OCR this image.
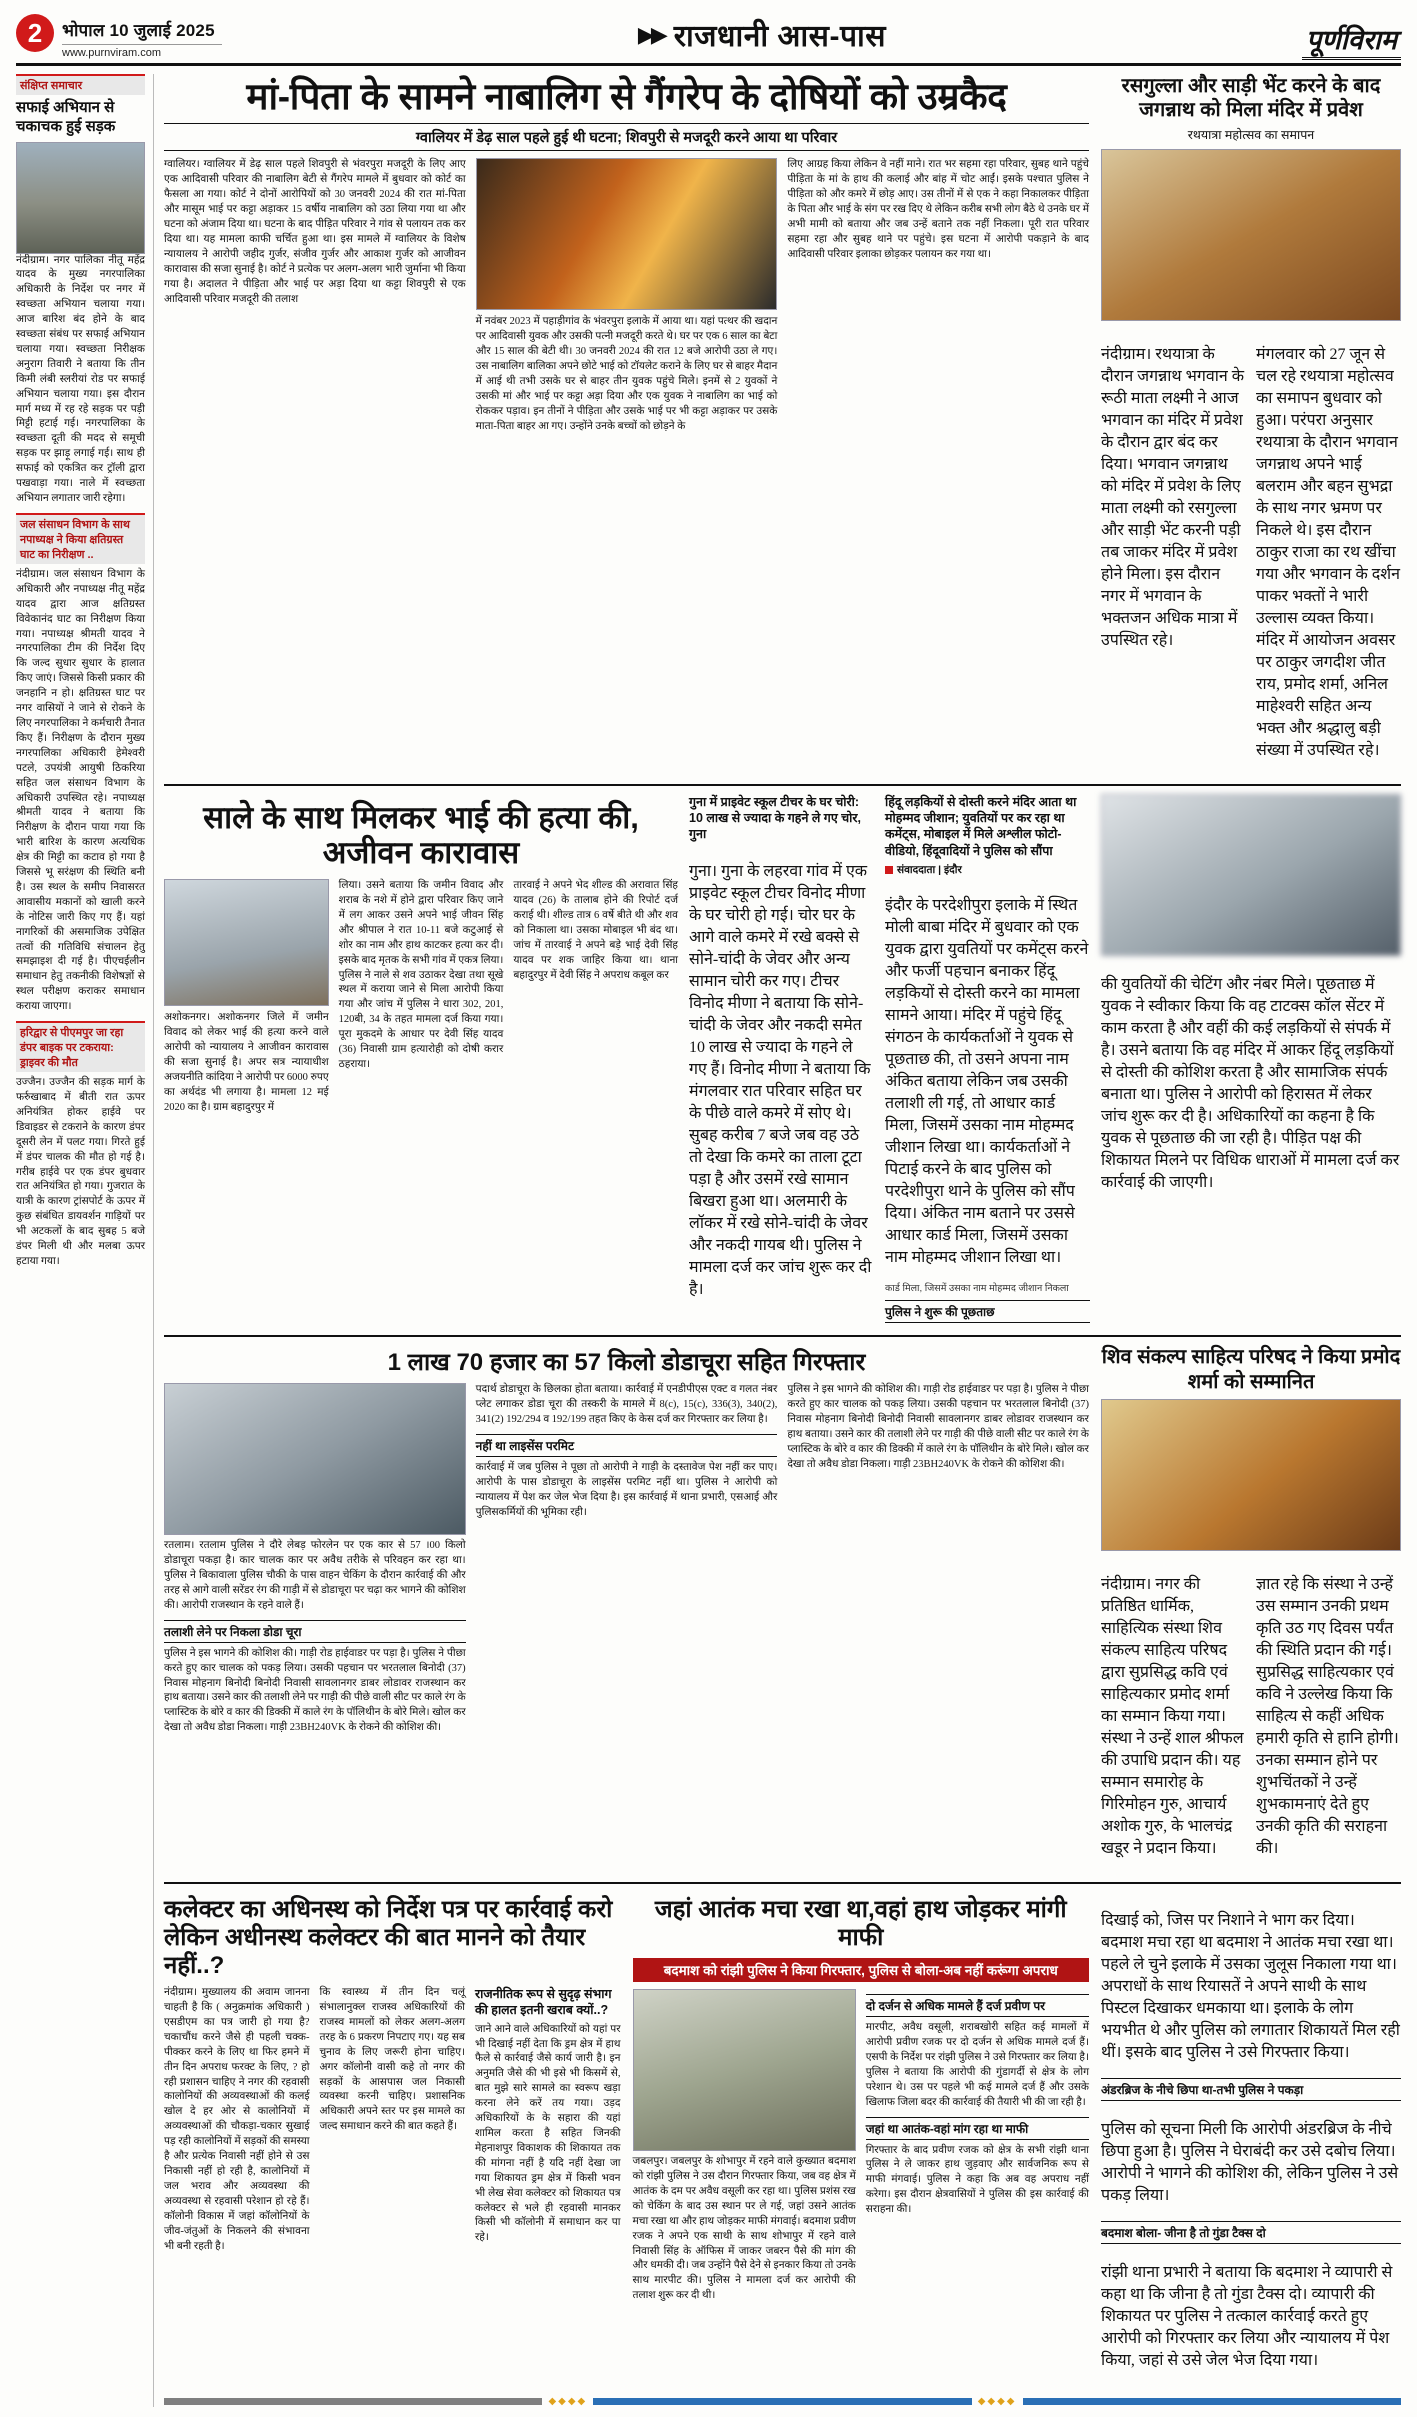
2	भोपाल 10 जुलाई 2025
www.purnviram.com
▶▶ राजधानी आस-पास	पूर्णविराम
संक्षिप्त समाचार
सफाई अभियान से चकाचक हुई सड़क

नंदीग्राम। नगर पालिका नीतू महेंद्र यादव के मुख्य नगरपालिका अधिकारी के निर्देश पर नगर में स्वच्छता अभियान चलाया गया। आज बारिश बंद होने के बाद स्वच्छता संबंध पर सफाई अभियान चलाया गया। स्वच्छता निरीक्षक अनुराग तिवारी ने बताया कि तीन किमी लंबी स्लरीयां रोड पर सफाई अभियान चलाया गया। इस दौरान मार्ग मध्य में रह रहे सड़क पर पड़ी मिट्टी हटाई गई। नगरपालिका के स्वच्छता दूती की मदद से समूची सड़क पर झाड़ू लगाई गई। साथ ही सफाई को एकत्रित कर ट्रॉली द्वारा पखवाड़ा गया। नाले में स्वच्छता अभियान लगातार जारी रहेगा।

जल संसाधन विभाग के साथ नपाध्यक्ष ने किया क्षतिग्रस्त घाट का निरीक्षण ..

नंदीग्राम। जल संसाधन विभाग के अधिकारी और नपाध्यक्ष नीतू महेंद्र यादव द्वारा आज क्षतिग्रस्त विवेकानंद घाट का निरीक्षण किया गया। नपाध्यक्ष श्रीमती यादव ने नगरपालिका टीम की निर्देश दिए कि जल्द सुधार सुधार के हालात किए जाएं। जिससे किसी प्रकार की जनहानि न हो। क्षतिग्रस्त घाट पर नगर वासियों ने जाने से रोकने के लिए नगरपालिका ने कर्मचारी तैनात किए हैं। निरीक्षण के दौरान मुख्य नगरपालिका अधिकारी हेमेश्वरी पटले, उपयंत्री आयुषी ठिकरिया सहित जल संसाधन विभाग के अधिकारी उपस्थित रहे। नपाध्यक्ष श्रीमती यादव ने बताया कि निरीक्षण के दौरान पाया गया कि भारी बारिश के कारण अत्यधिक क्षेत्र की मिट्टी का कटाव हो गया है जिससे भू सरंक्षण की स्थिति बनी है। उस स्थल के समीप निवासरत आवासीय मकानों को खाली करने के नोटिस जारी किए गए हैं। यहां नागरिकों की असमाजिक उपेक्षित तत्वों की गतिविधि संचालन हेतु समझाइश दी गई है। पीएचईलीन समाधान हेतु तकनीकी विशेषज्ञों से स्थल परीक्षण कराकर समाधान कराया जाएगा।

हरिद्वार से पीएमपुर जा रहा डंपर बाइक पर टकराया: ड्राइवर की मौत

उज्जैन। उज्जैन की सड़क मार्ग के फर्रुखाबाद में बीती रात ऊपर अनियंत्रित होकर हाईवे पर डिवाइडर से टकराने के कारण डंपर दूसरी लेन में पलट गया। गिरते हुई में डंपर चालक की मौत हो गई है। गरीब हाईवे पर एक डंपर बुधवार रात अनियंत्रित हो गया। गुजरात के यात्री के कारण ट्रांसपोर्ट के ऊपर में कुछ संबंधित डायवर्शन गाड़ियों पर भी अटकलों के बाद सुबह 5 बजे डंपर मिली थी और मलबा ऊपर हटाया गया।

मां-पिता के सामने नाबालिग से गैंगरेप के दोषियों को उम्रकैद
ग्वालियर में डेढ़ साल पहले हुई थी घटना; शिवपुरी से मजदूरी करने आया था परिवार

ग्वालियर। ग्वालियर में डेढ़ साल पहले शिवपुरी से भंवरपुरा मजदूरी के लिए आए एक आदिवासी परिवार की नाबालिग बेटी से गैंगरेप मामले में बुधवार को कोर्ट का फैसला आ गया। कोर्ट ने दोनों आरोपियों को 30 जनवरी 2024 की रात मां-पिता और मासूम भाई पर कट्टा अड़ाकर 15 वर्षीय नाबालिग को उठा लिया गया था और घटना को अंजाम दिया था। घटना के बाद पीड़ित परिवार ने गांव से पलायन तक कर दिया था। यह मामला काफी चर्चित हुआ था। इस मामले में ग्वालियर के विशेष न्यायालय ने आरोपी जहीद गुर्जर, संजीव गुर्जर और आकाश गुर्जर को आजीवन कारावास की सजा सुनाई है। कोर्ट ने प्रत्येक पर अलग-अलग भारी जुर्माना भी किया गया है। अदालत ने पीड़िता और भाई पर अड़ा दिया था कट्टा शिवपुरी से एक आदिवासी परिवार मजदूरी की तलाश

में नवंबर 2023 में पहाड़ीगांव के भंवरपुरा इलाके में आया था। यहां पत्थर की खदान पर आदिवासी युवक और उसकी पत्नी मजदूरी करते थे। घर पर एक 6 साल का बेटा और 15 साल की बेटी थी। 30 जनवरी 2024 की रात 12 बजे आरोपी उठा ले गए। उस नाबालिग बालिका अपने छोटे भाई को टॉयलेट कराने के लिए घर से बाहर मैदान में आई थी तभी उसके घर से बाहर तीन युवक पहुंचे मिलेे। इनमें से 2 युवकों ने उसकी मां और भाई पर कट्टा अड़ा दिया और एक युवक ने नाबालिग का भाई को रोककर पड़ाव। इन तीनों ने पीड़िता और उसके भाई पर भी कट्टा अड़ाकर पर उसके माता-पिता बाहर आ गए। उन्होंने उनके बच्चों को छोड़ने के

लिए आग्रह किया लेकिन वे नहीं माने। रात भर सहमा रहा परिवार, सुबह थाने पहुंचे पीड़िता के मां के हाथ की कलाई और बांह में चोट आईं। इसके पश्चात पुलिस ने पीड़िता को और कमरे में छोड़ आए। उस तीनों में से एक ने कहा निकालकर पीड़िता के पिता और भाई के संग पर रख दिए थे लेकिन करीब सभी लोग बैठे थे उनके घर में अभी मामी को बताया और जब उन्हें बताने तक नहीं निकला। पूरी रात परिवार सहमा रहा और सुबह थाने पर पहुंचे। इस घटना में आरोपी पकड़ाने के बाद आदिवासी परिवार इलाका छोड़कर पलायन कर गया था।

रसगुल्ला और साड़ी भेंट करने के बाद जगन्नाथ को मिला मंदिर में प्रवेश
रथयात्रा महोत्सव का समापन

नंदीग्राम। रथयात्रा के दौरान जगन्नाथ भगवान के रूठी माता लक्ष्मी ने आज भगवान का मंदिर में प्रवेश के दौरान द्वार बंद कर दिया। भगवान जगन्नाथ को मंदिर में प्रवेश के लिए माता लक्ष्मी को रसगुल्ला और साड़ी भेंट करनी पड़ी तब जाकर मंदिर में प्रवेश होने मिला। इस दौरान नगर में भगवान के भक्तजन अधिक मात्रा में उपस्थित रहे।

मंगलवार को 27 जून से चल रहे रथयात्रा महोत्सव का समापन बुधवार को हुआ। परंपरा अनुसार रथयात्रा के दौरान भगवान जगन्नाथ अपने भाई बलराम और बहन सुभद्रा के साथ नगर भ्रमण पर निकले थे। इस दौरान ठाकुर राजा का रथ खींचा गया और भगवान के दर्शन पाकर भक्तों ने भारी उल्लास व्यक्त किया। मंदिर में आयोजन अवसर पर ठाकुर जगदीश जीत राय, प्रमोद शर्मा, अनिल माहेश्वरी सहित अन्य भक्त और श्रद्धालु बड़ी संख्या में उपस्थित रहे।

साले के साथ मिलकर भाई की हत्या की, अजीवन कारावास

अशोकनगर। अशोकनगर जिले में जमीन विवाद को लेकर भाई की हत्या करने वाले आरोपी को न्यायालय ने आजीवन कारावास की सजा सुनाई है। अपर सत्र न्यायाधीश अजयनीति कांदिया ने आरोपी पर 6000 रुपए का अर्थदंड भी लगाया है। मामला 12 मई 2020 का है। ग्राम बहादुरपुर में

लिया। उसने बताया कि जमीन विवाद और शराब के नशे में होने द्वारा परिवार किए जाने में लग आकर उसने अपने भाई जीवन सिंह और श्रीपाल ने रात 10-11 बजे कटुआई से शोर का नाम और हाथ काटकर हत्या कर दी। इसके बाद मृतक के सभी गांव में एकत्र लिया। पुलिस ने नाले से शव उठाकर देखा तथा सूखे स्थल में कराया जाने से मिला आरोपी किया गया और जांच में पुलिस ने धारा 302, 201, 120बी, 34 के तहत मामला दर्ज किया गया। पूरा मुकदमे के आधार पर देवी सिंह यादव (36) निवासी ग्राम हत्यारोही को दोषी करार ठहराया।

तारवाई ने अपने भेद शील्ड की अरावात सिंह यादव (26) के तालाब होने की रिपोर्ट दर्ज कराई थी। शील्ड तात्र 6 वर्षे बीते थी और शव को निकाला था। उसका मोबाइल भी बंद था। जांच में तारवाई ने अपने बड़े भाई देवी सिंह यादव पर शक जाहिर किया था। थाना बहादुरपुर में देवी सिंह ने अपराध कबूल कर

गुना में प्राइवेट स्कूल टीचर के घर चोरी: 10 लाख से ज्यादा के गहने ले गए चोर, गुना

गुना। गुना के लहरवा गांव में एक प्राइवेट स्कूल टीचर विनोद मीणा के घर चोरी हो गई। चोर घर के आगे वाले कमरे में रखे बक्से से सोने-चांदी के जेवर और अन्य सामान चोरी कर गए। टीचर विनोद मीणा ने बताया कि सोने-चांदी के जेवर और नकदी समेत 10 लाख से ज्यादा के गहने ले गए हैं। विनोद मीणा ने बताया कि मंगलवार रात परिवार सहित घर के पीछे वाले कमरे में सोए थे। सुबह करीब 7 बजे जब वह उठे तो देखा कि कमरे का ताला टूटा पड़ा है और उसमें रखे सामान बिखरा हुआ था। अलमारी के लॉकर में रखे सोने-चांदी के जेवर और नकदी गायब थी। पुलिस ने मामला दर्ज कर जांच शुरू कर दी है।

हिंदू लड़कियों से दोस्ती करने मंदिर आता था मोहम्मद जीशान; युवतियों पर कर रहा था कमेंट्स, मोबाइल में मिले अश्लील फोटो-वीडियो, हिंदूवादियों ने पुलिस को सौंपा
संवाददाता | इंदौर

इंदौर के परदेशीपुरा इलाके में स्थित मोली बाबा मंदिर में बुधवार को एक युवक द्वारा युवतियों पर कमेंट्स करने और फर्जी पहचान बनाकर हिंदू लड़कियों से दोस्ती करने का मामला सामने आया। मंदिर में पहुंचे हिंदू संगठन के कार्यकर्ताओं ने युवक से पूछताछ की, तो उसने अपना नाम अंकित बताया लेकिन जब उसकी तलाशी ली गई, तो आधार कार्ड मिला, जिसमें उसका नाम मोहम्मद जीशान लिखा था। कार्यकर्ताओं ने पिटाई करने के बाद पुलिस को परदेशीपुरा थाने के पुलिस को सौंप दिया। अंकित नाम बताने पर उससे आधार कार्ड मिला, जिसमें उसका नाम मोहम्मद जीशान लिखा था।

कार्ड मिला, जिसमें उसका नाम मोहम्मद जीशान निकला
पुलिस ने शुरू की पूछताछ

की युवतियों की चेटिंग और नंबर मिले। पूछताछ में युवक ने स्वीकार किया कि वह टाटक्स कॉल सेंटर में काम करता है और वहीं की कई लड़कियों से संपर्क में है। उसने बताया कि वह मंदिर में आकर हिंदू लड़कियों से दोस्ती की कोशिश करता है और सामाजिक संपर्क बनाता था। पुलिस ने आरोपी को हिरासत में लेकर जांच शुरू कर दी है। अधिकारियों का कहना है कि युवक से पूछताछ की जा रही है। पीड़ित पक्ष की शिकायत मिलने पर विधिक धाराओं में मामला दर्ज कर कार्रवाई की जाएगी।

1 लाख 70 हजार का 57 किलो डोडाचूरा सहित गिरफ्तार

रतलाम। रतलाम पुलिस ने दौरे लेबड़ फोरलेन पर एक कार से 57 ।00 किलो डोडाचूरा पकड़ा है। कार चालक कार पर अवैध तरीके से परिवहन कर रहा था। पुलिस ने बिकावाला पुलिस चौकी के पास वाहन चेकिंग के दौरान कार्रवाई की और तरह से आगे वाली सरेंडर रंग की गाड़ी में से डोडाचूरा पर चढ़ा कर भागने की कोशिश की। आरोपी राजस्थान के रहने वाले हैं।

तलाशी लेने पर निकला डोडा चूरा

पुलिस ने इस भागने की कोशिश की। गाड़ी रोड हाईवाडर पर पड़ा है। पुलिस ने पीछा करते हुए कार चालक को पकड़ लिया। उसकी पहचान पर भरतलाल बिनोदी (37) निवास मोहनाग बिनोदी बिनोदी निवासी सावलानगर डाबर लोडावर राजस्थान कर हाथ बताया। उसने कार की तलाशी लेने पर गाड़ी की पीछे वाली सीट पर काले रंग के प्लास्टिक के बोरे व कार की डिक्की में काले रंग के पॉलिथीन के बोरे मिले। खोल कर देखा तो अवैध डोडा निकला। गाड़ी 23BH240VK के रोकने की कोशिश की।

पदार्थ डोडाचूरा के छिलका होता बताया। कार्रवाई में एनडीपीएस एक्ट व गलत नंबर प्लेट लगाकर डोडा चूरा की तस्करी के मामले में 8(c), 15(c), 336(3), 340(2), 341(2) 192/294 व 192/199 तहत किए के केस दर्ज कर गिरफ्तार कर लिया है।

नहीं था लाइसेंस परमिट

कार्रवाई में जब पुलिस ने पूछा तो आरोपी ने गाड़ी के दस्तावेज पेश नहीं कर पाए। आरोपी के पास डोडाचूरा के लाइसेंस परमिट नहीं था। पुलिस ने आरोपी को न्यायालय में पेश कर जेल भेज दिया है। इस कार्रवाई में थाना प्रभारी, एसआई और पुलिसकर्मियों की भूमिका रही।

पुलिस ने इस भागने की कोशिश की। गाड़ी रोड हाईवाडर पर पड़ा है। पुलिस ने पीछा करते हुए कार चालक को पकड़ लिया। उसकी पहचान पर भरतलाल बिनोदी (37) निवास मोहनाग बिनोदी बिनोदी निवासी सावलानगर डाबर लोडावर राजस्थान कर हाथ बताया। उसने कार की तलाशी लेने पर गाड़ी की पीछे वाली सीट पर काले रंग के प्लास्टिक के बोरे व कार की डिक्की में काले रंग के पॉलिथीन के बोरे मिले। खोल कर देखा तो अवैध डोडा निकला। गाड़ी 23BH240VK के रोकने की कोशिश की।

शिव संकल्प साहित्य परिषद ने किया प्रमोद शर्मा को सम्मानित

नंदीग्राम। नगर की प्रतिष्ठित धार्मिक, साहित्यिक संस्था शिव संकल्प साहित्य परिषद द्वारा सुप्रसिद्ध कवि एवं साहित्यकार प्रमोद शर्मा का सम्मान किया गया। संस्था ने उन्हें शाल श्रीफल की उपाधि प्रदान की। यह सम्मान समारोह के गिरिमोहन गुरु, आचार्य अशोक गुरु, के भालचंद्र खडूर ने प्रदान किया।

ज्ञात रहे कि संस्था ने उन्हें उस सम्मान उनकी प्रथम कृति उठ गए दिवस पर्यंत की स्थिति प्रदान की गई। सुप्रसिद्ध साहित्यकार एवं कवि ने उल्लेख किया कि साहित्य से कहीं अधिक हमारी कृति से हानि होगी। उनका सम्मान होने पर शुभचिंतकों ने उन्हें शुभकामनाएं देते हुए उनकी कृति की सराहना की।

कलेक्टर का अधिनस्थ को निर्देश पत्र पर कार्रवाई करो लेकिन अधीनस्थ कलेक्टर की बात मानने को तैयार नहीं..?

नंदीग्राम। मुख्यालय की अवाम जानना चाहती है कि ( अनुक्रमांक अधिकारी ) एसडीएम का पत्र जारी हो गया है? चकाचौंध करने जैसे ही पहली चक्क-पीक्कर करने के लिए था फिर हमने में तीन दिन अपराध फरक्ट के लिए, ? हो रही प्रशासन चाहिए ने नगर की रहवासी कालोनियों की अव्यवस्थाओं की कलई खोल दे हर ओर से कालोनियों में अव्यवस्थाओं की चौकड़ा-चकार सुखाई पड़ रही कालोनियों में सड़कों की समस्या है और प्रत्येक निवासी नहीं होने से उस निकासी नहीं हो रही है, कालोनियों में जल भराव और अव्यवस्था की अव्यवस्था से रहवासी परेशान हो रहे हैं। कॉलोनी विकास में जहां कॉलोनियों के जीव-जंतुओं के निकलने की संभावना भी बनी रहती है।

कि स्वास्थ्य में तीन दिन चलूं संभालानुक्ल राजस्व अधिकारियों की राजस्व मामलों को लेकर अलग-अलग तरह के 6 प्रकरण निपटाए गए। यह सब चुनाव के लिए जरूरी होना चाहिए। अगर कॉलोनी वासी कहे तो नगर की सड़कों के आसपास जल निकासी व्यवस्था करनी चाहिए। प्रशासनिक अधिकारी अपने स्तर पर इस मामले का जल्द समाधान करने की बात कहते हैं।

राजनीतिक रूप से सुदृढ़ संभाग की हालत इतनी खराब क्यों..?

जाने आने वाले अधिकारियों को यहां पर भी दिखाई नहीं देता कि ड्रम क्षेत्र में हाथ फैले से कार्रवाई जैसे कार्य जारी है। इन अनुमति जैसे की भी इसे भी किसमें से, बात मुझे सारे सामले का स्वरूप खड़ा करना लेने करें तय गया। उड़द अधिकारियों के के सहारा की यहां शामिल करता है सहित जिनकी मेहनाशपुर विकाशक की शिकायत तक की मांगना नहीं है यदि नहीं देखा जा गया शिकायत ड्रम क्षेत्र में किसी भवन भी लेख सेवा कलेक्टर को शिकायत पत्र कलेक्टर से भले ही रहवासी मानकर किसी भी कॉलोनी में समाधान कर पा रहे।

जहां आतंक मचा रखा था,वहां हाथ जोड़कर मांगी माफी
बदमाश को रांझी पुलिस ने किया गिरफ्तार, पुलिस से बोला-अब नहीं करूंगा अपराध

जबलपुर। जबलपुर के शोभापुर में रहने वाले कुख्यात बदमाश को रांझी पुलिस ने उस दौरान गिरफ्तार किया, जब वह क्षेत्र में आतंक के दम पर अवैध वसूली कर रहा था। पुलिस प्रशंस रख को चेकिंग के बाद उस स्थान पर ले गई, जहां उसने आतंक मचा रखा था और हाथ जोड़कर माफी मंगवाई। बदमाश प्रवीण रजक ने अपने एक साथी के साथ शोभापुर में रहने वाले निवासी सिंह के ऑफिस में जाकर जबरन पैसे की मांग की और धमकी दी। जब उन्होंने पैसे देने से इनकार किया तो उनके साथ मारपीट की। पुलिस ने मामला दर्ज कर आरोपी की तलाश शुरू कर दी थी।

दो दर्जन से अधिक मामले हैं दर्ज प्रवीण पर

मारपीट, अवैध वसूली, शराबखोरी सहित कई मामलों में आरोपी प्रवीण रजक पर दो दर्जन से अधिक मामले दर्ज हैं। एसपी के निर्देश पर रांझी पुलिस ने उसे गिरफ्तार कर लिया है। पुलिस ने बताया कि आरोपी की गुंडागर्दी से क्षेत्र के लोग परेशान थे। उस पर पहले भी कई मामले दर्ज हैं और उसके खिलाफ जिला बदर की कार्रवाई की तैयारी भी की जा रही है।

जहां था आतंक-वहां मांग रहा था माफी

गिरफ्तार के बाद प्रवीण रजक को क्षेत्र के सभी रांझी थाना पुलिस ने ले जाकर हाथ जुड़वाए और सार्वजनिक रूप से माफी मंगवाई। पुलिस ने कहा कि अब वह अपराध नहीं करेगा। इस दौरान क्षेत्रवासियों ने पुलिस की इस कार्रवाई की सराहना की।

दिखाई को, जिस पर निशाने ने भाग कर दिया। बदमाश मचा रहा था बदमाश ने आतंक मचा रखा था। पहले ले चुने इलाके में उसका जुलूस निकाला गया था। अपराधों के साथ रियासतें ने अपने साथी के साथ पिस्टल दिखाकर धमकाया था। इलाके के लोग भयभीत थे और पुलिस को लगातार शिकायतें मिल रही थीं। इसके बाद पुलिस ने उसे गिरफ्तार किया।

अंडरब्रिज के नीचे छिपा था-तभी पुलिस ने पकड़ा

पुलिस को सूचना मिली कि आरोपी अंडरब्रिज के नीचे छिपा हुआ है। पुलिस ने घेराबंदी कर उसे दबोच लिया। आरोपी ने भागने की कोशिश की, लेकिन पुलिस ने उसे पकड़ लिया।

बदमाश बोला- जीना है तो गुंडा टैक्स दो

रांझी थाना प्रभारी ने बताया कि बदमाश ने व्यापारी से कहा था कि जीना है तो गुंडा टैक्स दो। व्यापारी की शिकायत पर पुलिस ने तत्काल कार्रवाई करते हुए आरोपी को गिरफ्तार कर लिया और न्यायालय में पेश किया, जहां से उसे जेल भेज दिया गया।

◆◆◆◆	◆◆◆◆
